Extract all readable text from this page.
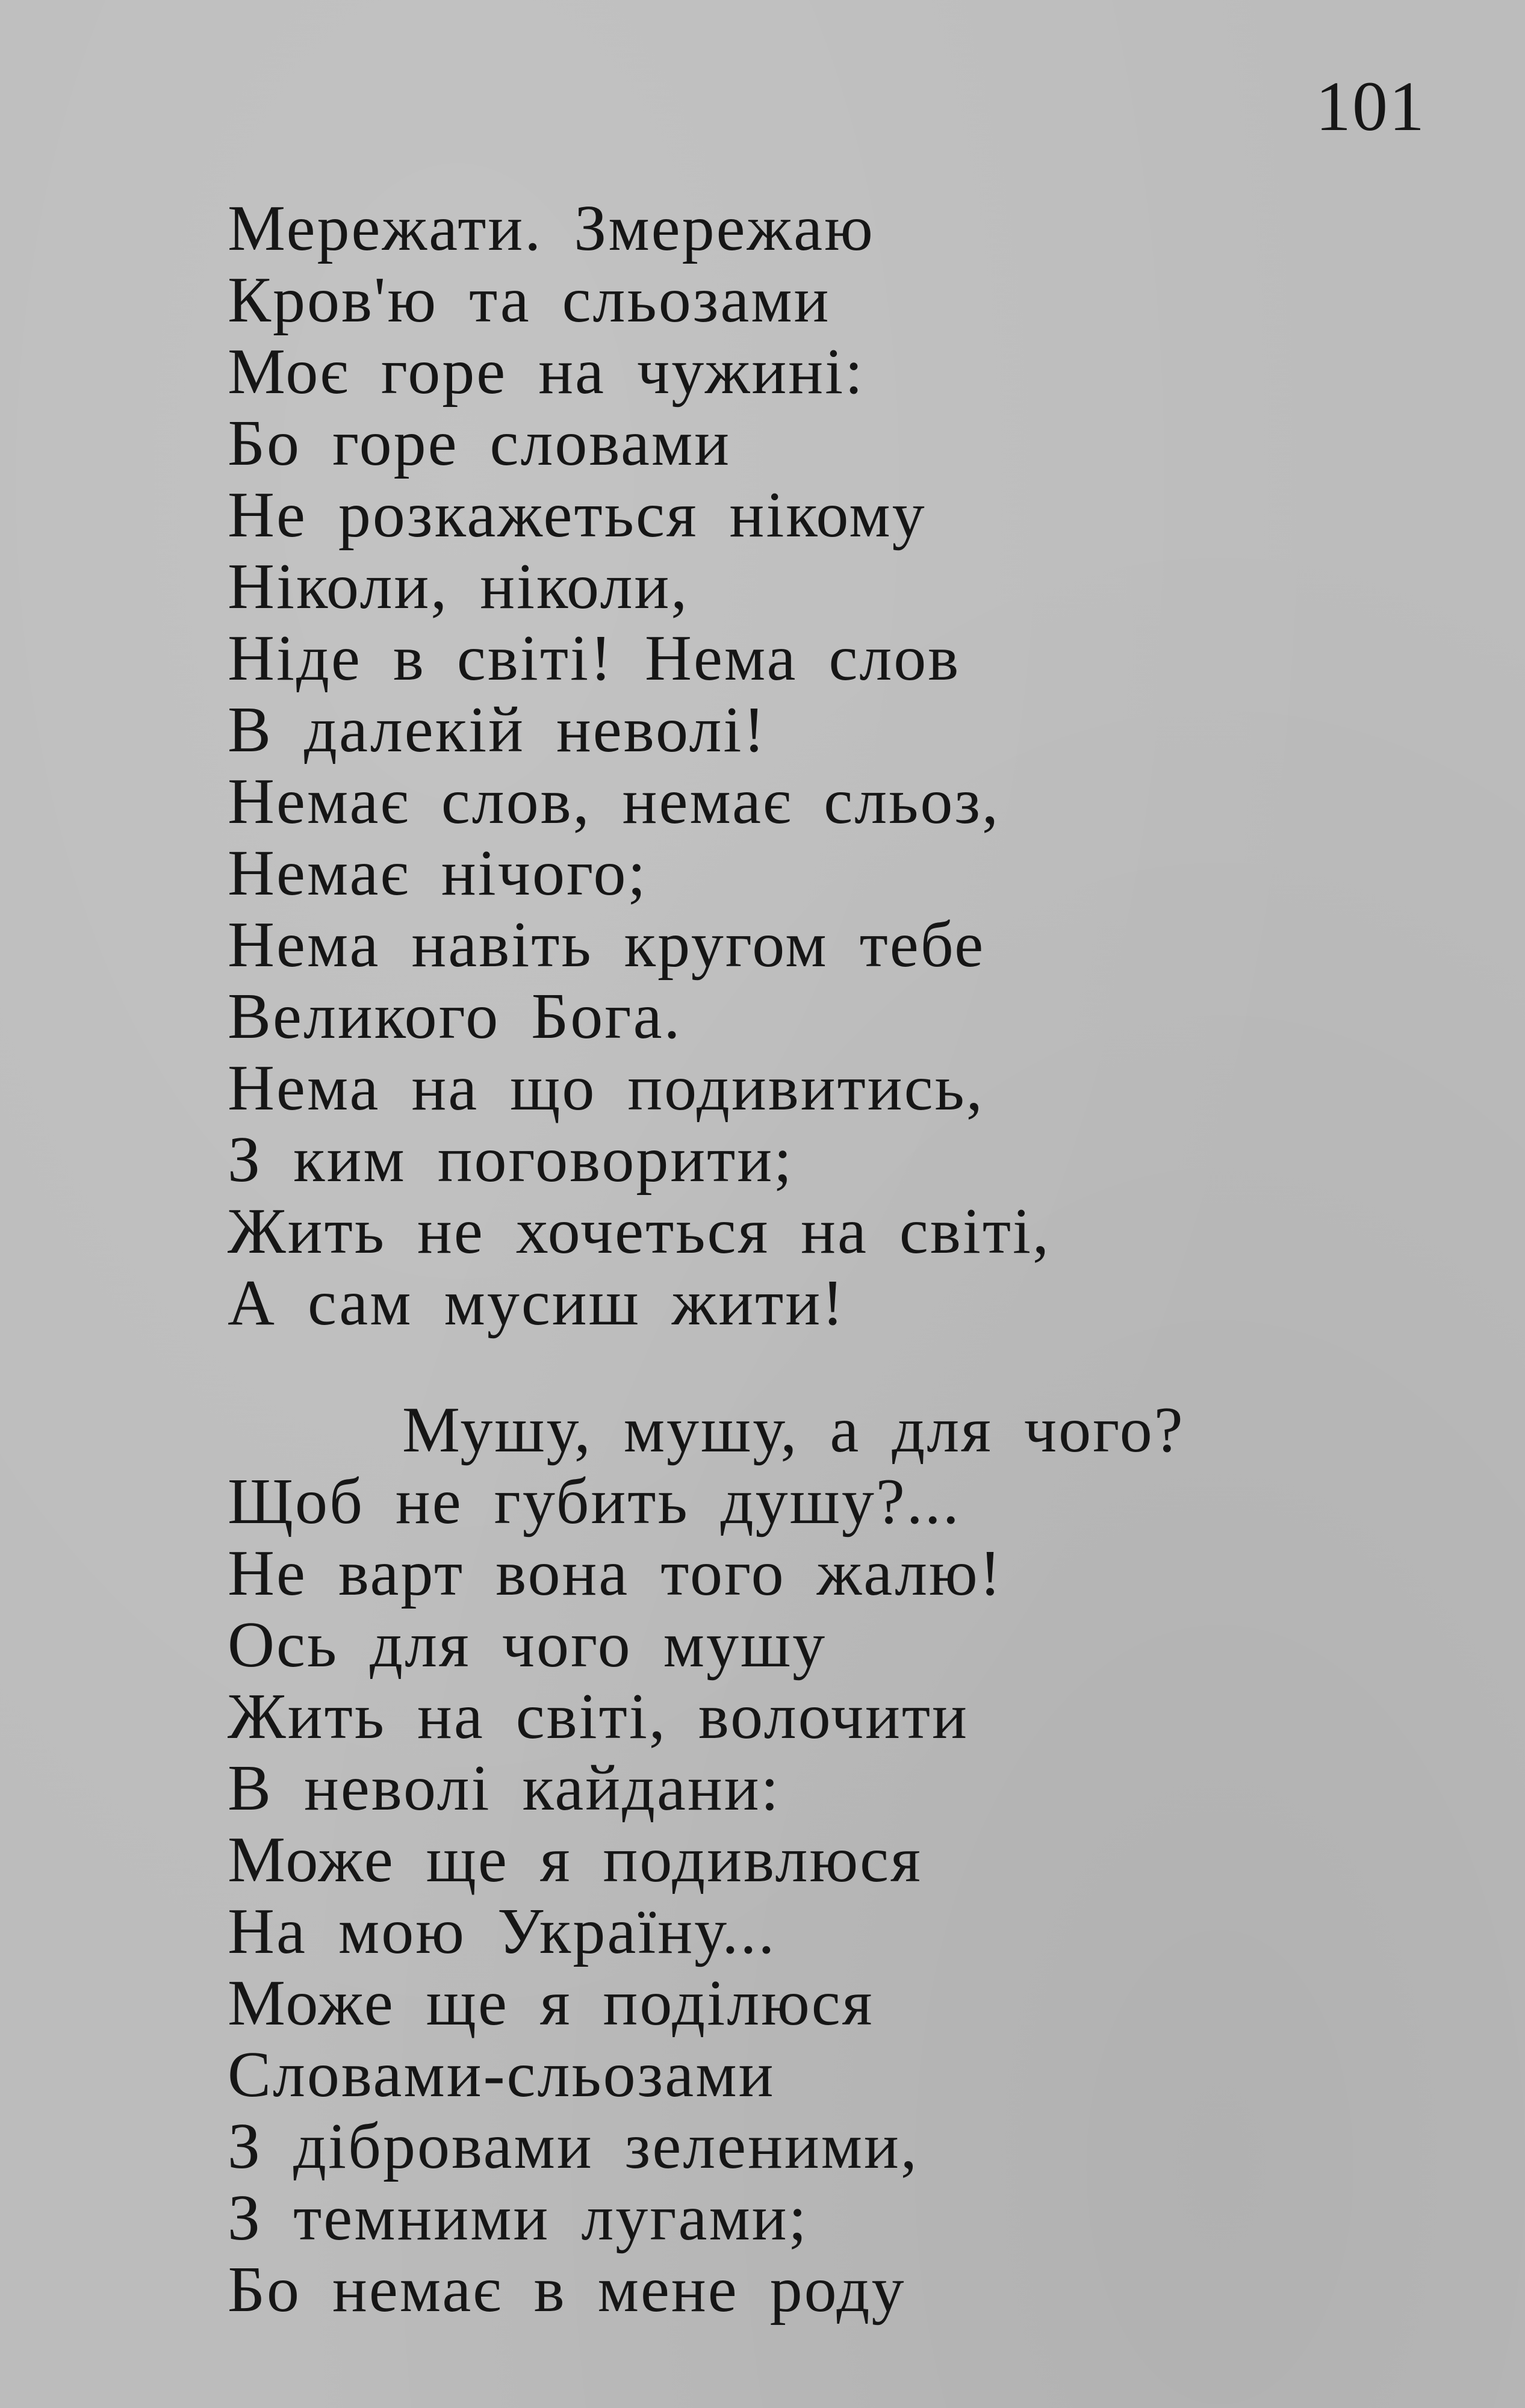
101
Мережати. Змережаю
Кров'ю та сльозами
Моє горе на чужині:
Бо горе словами
Не розкажеться нікому
Ніколи, ніколи,
Ніде в світі! Нема слов
В далекій неволі!
Немає слов, немає сльоз,
Немає нічого;
Нема навіть кругом тебе
Великого Бога.
Нема на що подивитись,
З ким поговорити;
Жить не хочеться на світі,
А сам мусиш жити!
Мушу, мушу, а для чого?
Щоб не губить душу?...
Не варт вона того жалю!
Ось для чого мушу
Жить на світі, волочити
В неволі кайдани:
Може ще я подивлюся
На мою Україну...
Може ще я поділюся
Словами-сльозами
З дібровами зеленими,
З темними лугами;
Бо немає в мене роду
